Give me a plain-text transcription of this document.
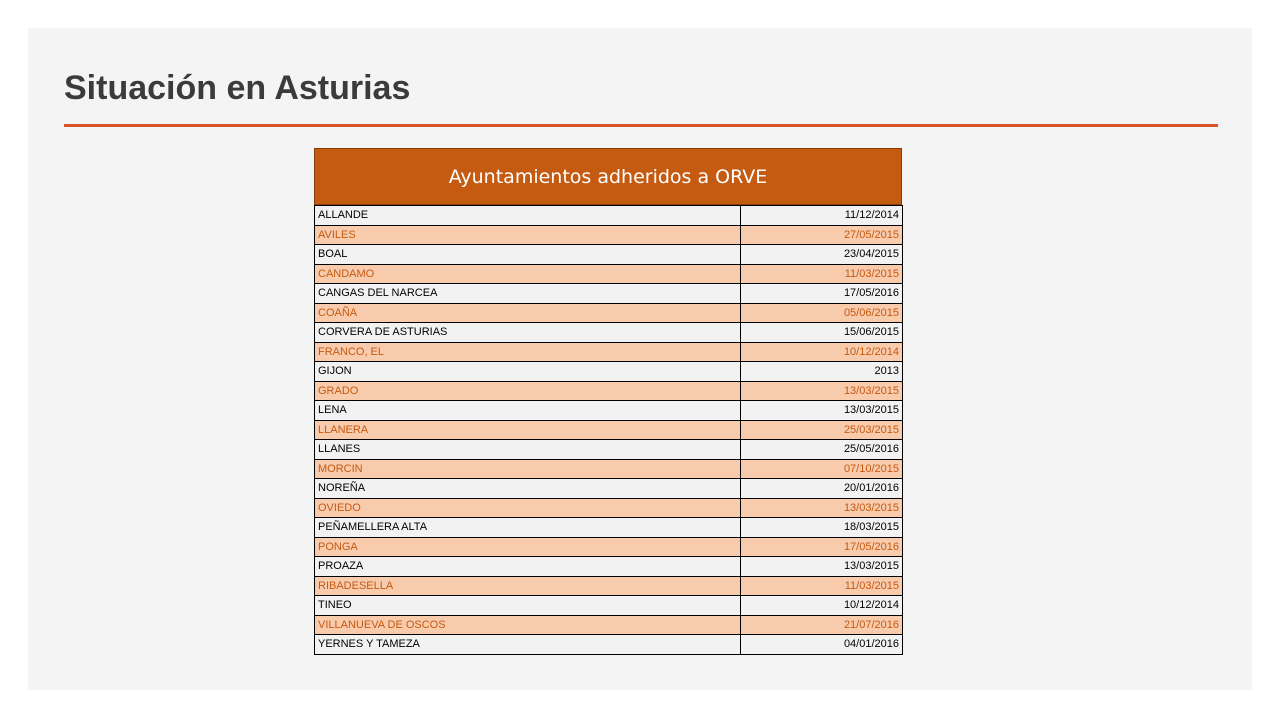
Situación en Asturias
Ayuntamientos adheridos a ORVE
ALLANDE	11/12/2014
AVILES	27/05/2015
BOAL	23/04/2015
CANDAMO	11/03/2015
CANGAS DEL NARCEA	17/05/2016
COAÑA	05/06/2015
CORVERA DE ASTURIAS	15/06/2015
FRANCO, EL	10/12/2014
GIJON	2013
GRADO	13/03/2015
LENA	13/03/2015
LLANERA	25/03/2015
LLANES	25/05/2016
MORCIN	07/10/2015
NOREÑA	20/01/2016
OVIEDO	13/03/2015
PEÑAMELLERA ALTA	18/03/2015
PONGA	17/05/2016
PROAZA	13/03/2015
RIBADESELLA	11/03/2015
TINEO	10/12/2014
VILLANUEVA DE OSCOS	21/07/2016
YERNES Y TAMEZA	04/01/2016
